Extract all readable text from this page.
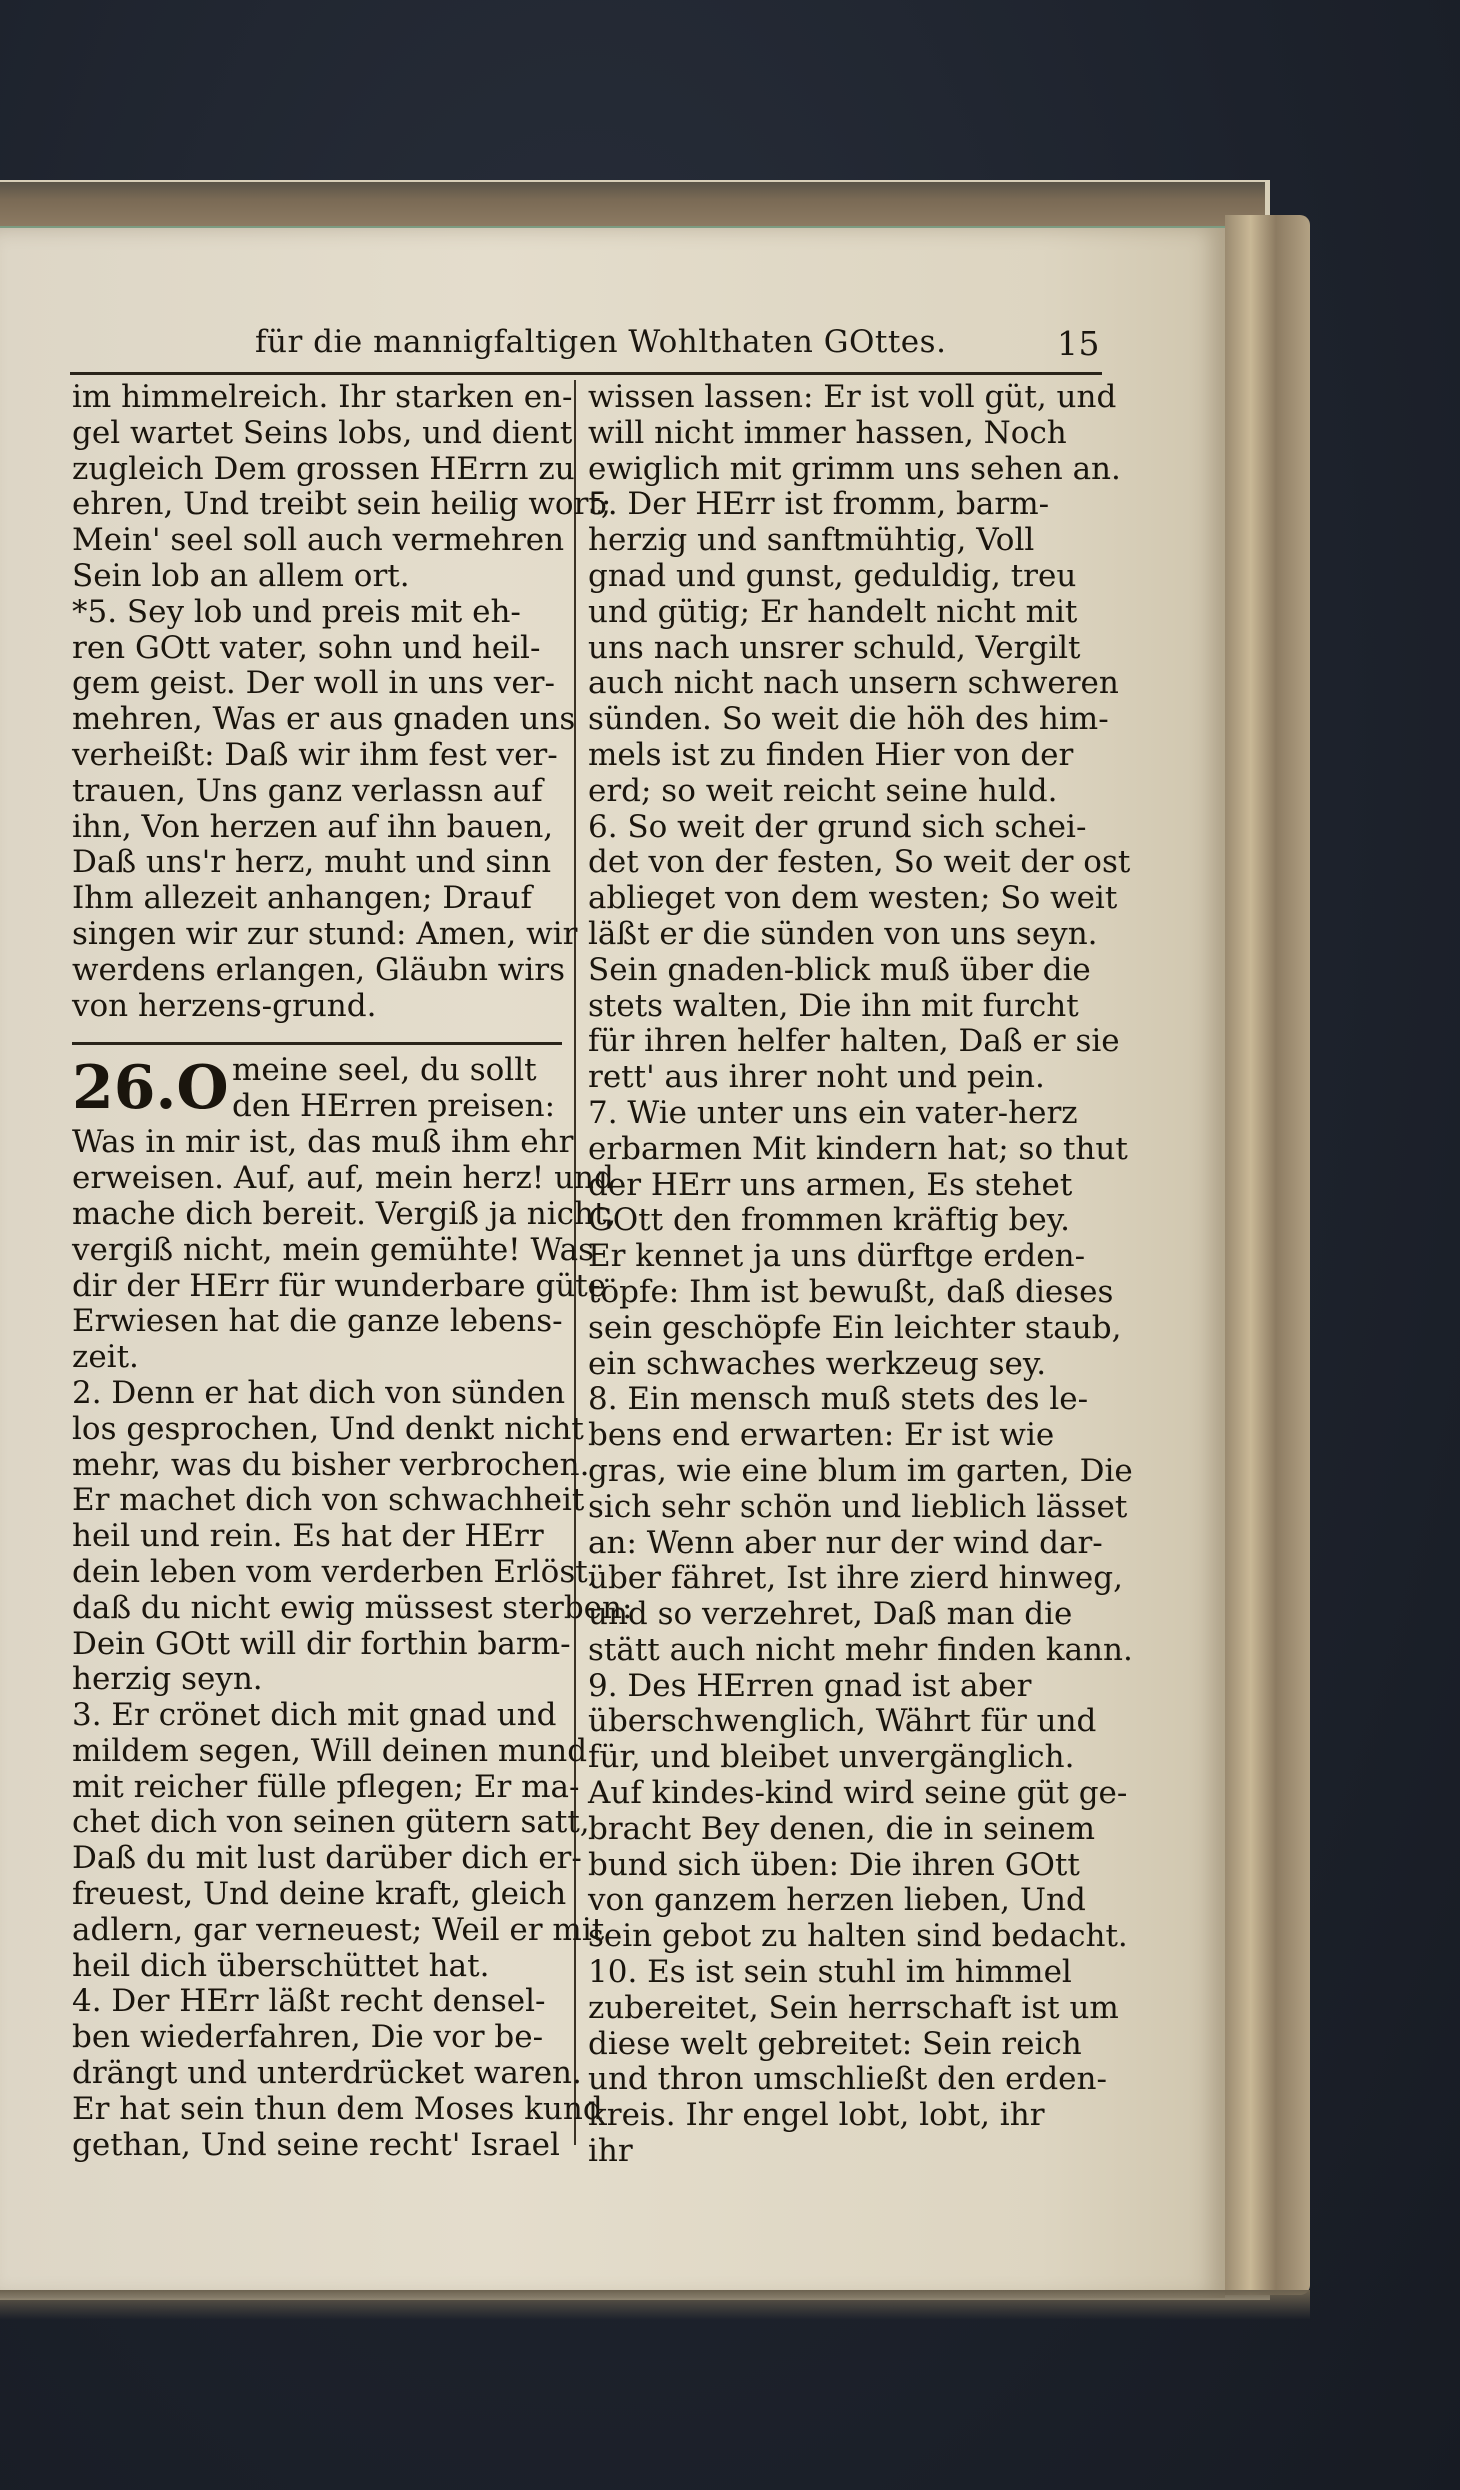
für die mannigfaltigen Wohlthaten GOttes.	15
im himmelreich. Ihr starken en-
gel wartet Seins lobs, und dient
zugleich Dem grossen HErrn zu
ehren, Und treibt sein heilig wort;
Mein' seel soll auch vermehren
Sein lob an allem ort.
*5. Sey lob und preis mit eh-
ren GOtt vater, sohn und heil-
gem geist. Der woll in uns ver-
mehren, Was er aus gnaden uns
verheißt: Daß wir ihm fest ver-
trauen, Uns ganz verlassn auf
ihn, Von herzen auf ihn bauen,
Daß uns'r herz, muht und sinn
Ihm allezeit anhangen; Drauf
singen wir zur stund: Amen, wir
werdens erlangen, Gläubn wirs
von herzens-grund.
26.O meine seel, du sollt
den HErren preisen:
Was in mir ist, das muß ihm ehr
erweisen. Auf, auf, mein herz! und
mache dich bereit. Vergiß ja nicht,
vergiß nicht, mein gemühte! Was
dir der HErr für wunderbare güte
Erwiesen hat die ganze lebens-
zeit.
2. Denn er hat dich von sünden
los gesprochen, Und denkt nicht
mehr, was du bisher verbrochen.
Er machet dich von schwachheit
heil und rein. Es hat der HErr
dein leben vom verderben Erlöst,
daß du nicht ewig müssest sterben:
Dein GOtt will dir forthin barm-
herzig seyn.
3. Er crönet dich mit gnad und
mildem segen, Will deinen mund
mit reicher fülle pflegen; Er ma-
chet dich von seinen gütern satt,
Daß du mit lust darüber dich er-
freuest, Und deine kraft, gleich
adlern, gar verneuest; Weil er mit
heil dich überschüttet hat.
4. Der HErr läßt recht densel-
ben wiederfahren, Die vor be-
drängt und unterdrücket waren.
Er hat sein thun dem Moses kund
gethan, Und seine recht' Israel
wissen lassen: Er ist voll güt, und
will nicht immer hassen, Noch
ewiglich mit grimm uns sehen an.
5. Der HErr ist fromm, barm-
herzig und sanftmühtig, Voll
gnad und gunst, geduldig, treu
und gütig; Er handelt nicht mit
uns nach unsrer schuld, Vergilt
auch nicht nach unsern schweren
sünden. So weit die höh des him-
mels ist zu finden Hier von der
erd; so weit reicht seine huld.
6. So weit der grund sich schei-
det von der festen, So weit der ost
ablieget von dem westen; So weit
läßt er die sünden von uns seyn.
Sein gnaden-blick muß über die
stets walten, Die ihn mit furcht
für ihren helfer halten, Daß er sie
rett' aus ihrer noht und pein.
7. Wie unter uns ein vater-herz
erbarmen Mit kindern hat; so thut
der HErr uns armen, Es stehet
GOtt den frommen kräftig bey.
Er kennet ja uns dürftge erden-
töpfe: Ihm ist bewußt, daß dieses
sein geschöpfe Ein leichter staub,
ein schwaches werkzeug sey.
8. Ein mensch muß stets des le-
bens end erwarten: Er ist wie
gras, wie eine blum im garten, Die
sich sehr schön und lieblich lässet
an: Wenn aber nur der wind dar-
über fähret, Ist ihre zierd hinweg,
und so verzehret, Daß man die
stätt auch nicht mehr finden kann.
9. Des HErren gnad ist aber
überschwenglich, Währt für und
für, und bleibet unvergänglich.
Auf kindes-kind wird seine güt ge-
bracht Bey denen, die in seinem
bund sich üben: Die ihren GOtt
von ganzem herzen lieben, Und
sein gebot zu halten sind bedacht.
10. Es ist sein stuhl im himmel
zubereitet, Sein herrschaft ist um
diese welt gebreitet: Sein reich
und thron umschließt den erden-
kreis. Ihr engel lobt, lobt, ihr
ihr
